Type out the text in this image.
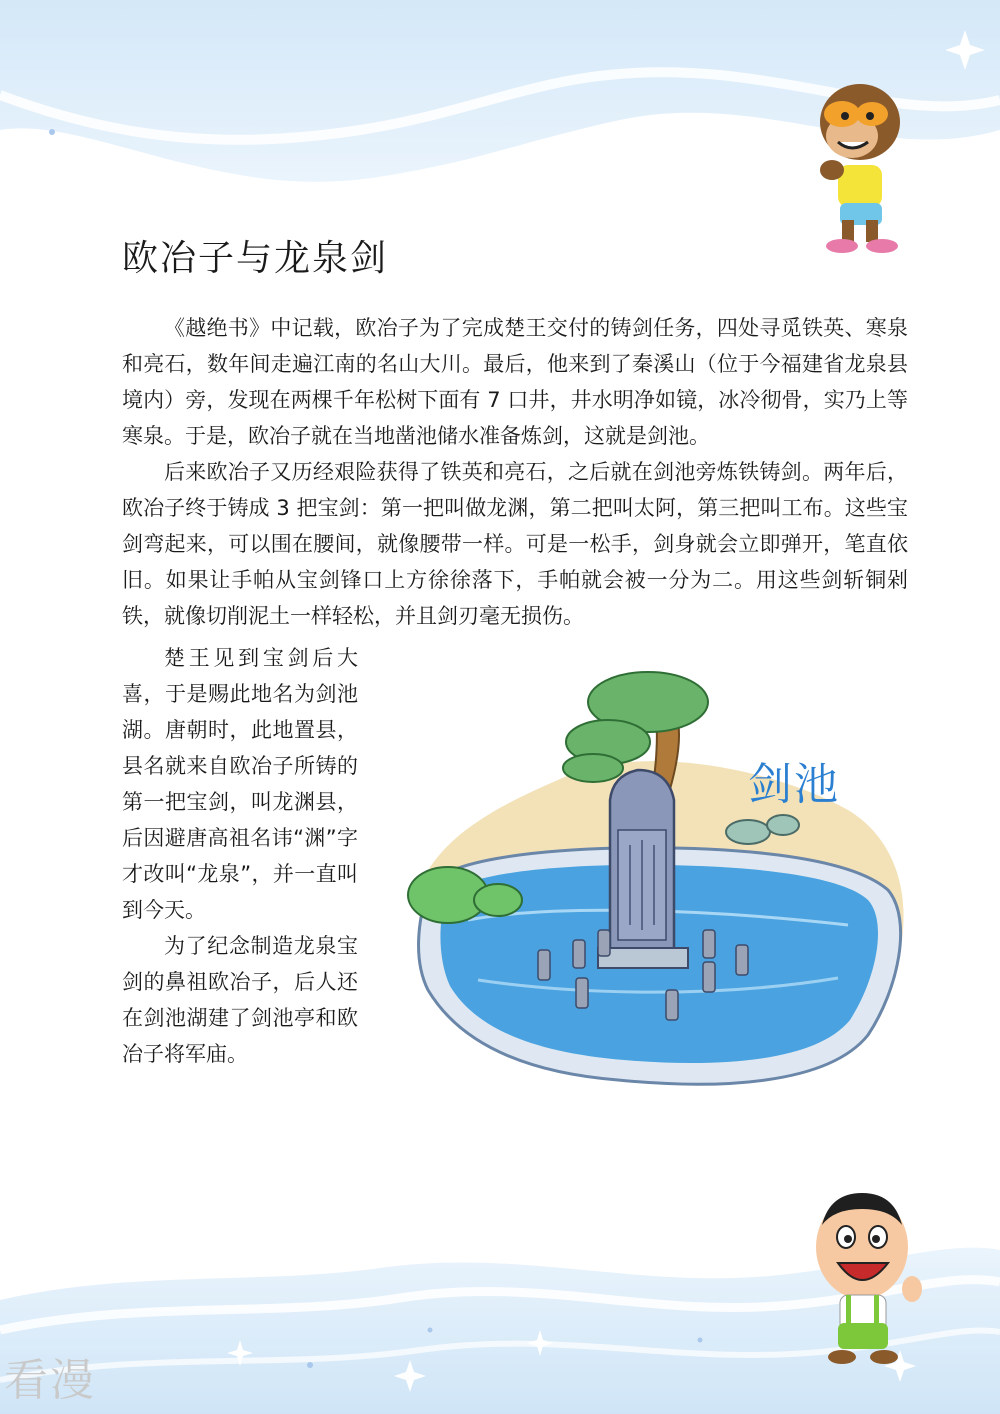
欧冶子与龙泉剑

《越绝书》中记载，欧冶子为了完成楚王交付的铸剑任务，四处寻觅铁英、寒泉和亮石，数年间走遍江南的名山大川。最后，他来到了秦溪山（位于今福建省龙泉县境内）旁，发现在两棵千年松树下面有 7 口井，井水明净如镜，冰冷彻骨，实乃上等寒泉。于是，欧冶子就在当地凿池储水准备炼剑，这就是剑池。

后来欧冶子又历经艰险获得了铁英和亮石，之后就在剑池旁炼铁铸剑。两年后，欧冶子终于铸成 3 把宝剑：第一把叫做龙渊，第二把叫太阿，第三把叫工布。这些宝剑弯起来，可以围在腰间，就像腰带一样。可是一松手，剑身就会立即弹开，笔直依旧。如果让手帕从宝剑锋口上方徐徐落下，手帕就会被一分为二。用这些剑斩铜剁铁，就像切削泥土一样轻松，并且剑刃毫无损伤。

楚王见到宝剑后大喜，于是赐此地名为剑池湖。唐朝时，此地置县，县名就来自欧冶子所铸的第一把宝剑，叫龙渊县，后因避唐高祖名讳“渊”字才改叫“龙泉”，并一直叫到今天。

为了纪念制造龙泉宝剑的鼻祖欧冶子，后人还在剑池湖建了剑池亭和欧冶子将军庙。

剑池
看漫
